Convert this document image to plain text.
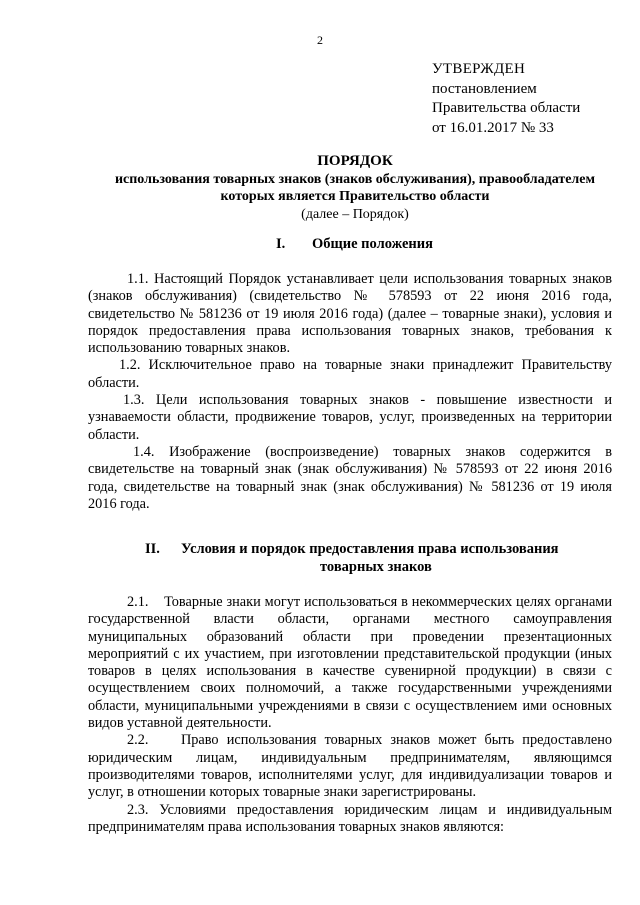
2
УТВЕРЖДЕН
постановлением
Правительства области
от 16.01.2017 № 33
ПОРЯДОК
использования товарных знаков (знаков обслуживания), правообладателем
которых является Правительство области
(далее – Порядок)
I. Общие положения

1.1. Настоящий Порядок устанавливает цели использования товарных знаков (знаков обслуживания) (свидетельство № 578593 от 22 июня 2016 года, свидетельство № 581236 от 19 июля 2016 года) (далее – товарные знаки), условия и порядок предоставления права использования товарных знаков, требования к использованию товарных знаков.

1.2. Исключительное право на товарные знаки принадлежит Правительству области.

1.3. Цели использования товарных знаков - повышение известности и узнаваемости области, продвижение товаров, услуг, произведенных на территории области.

1.4. Изображение (воспроизведение) товарных знаков содержится в свидетельстве на товарный знак (знак обслуживания) № 578593 от 22 июня 2016 года, свидетельстве на товарный знак (знак обслуживания) № 581236 от 19 июля 2016 года.

II. Условия и порядок предоставления права использования
товарных знаков

2.1.    Товарные знаки могут использоваться в некоммерческих целях органами государственной власти области, органами местного самоуправления муниципальных образований области при проведении презентационных мероприятий с их участием, при изготовлении представительской продукции (иных товаров в целях использования в качестве сувенирной продукции) в связи с осуществлением своих полномочий, а также государственными учреждениями области, муниципальными учреждениями в связи с осуществлением ими основных видов уставной деятельности.

2.2.    Право использования товарных знаков может быть предоставлено юридическим лицам, индивидуальным предпринимателям, являющимся производителями товаров, исполнителями услуг, для индивидуализации товаров и услуг, в отношении которых товарные знаки зарегистрированы.

2.3. Условиями предоставления юридическим лицам и индивидуальным предпринимателям права использования товарных знаков являются:
